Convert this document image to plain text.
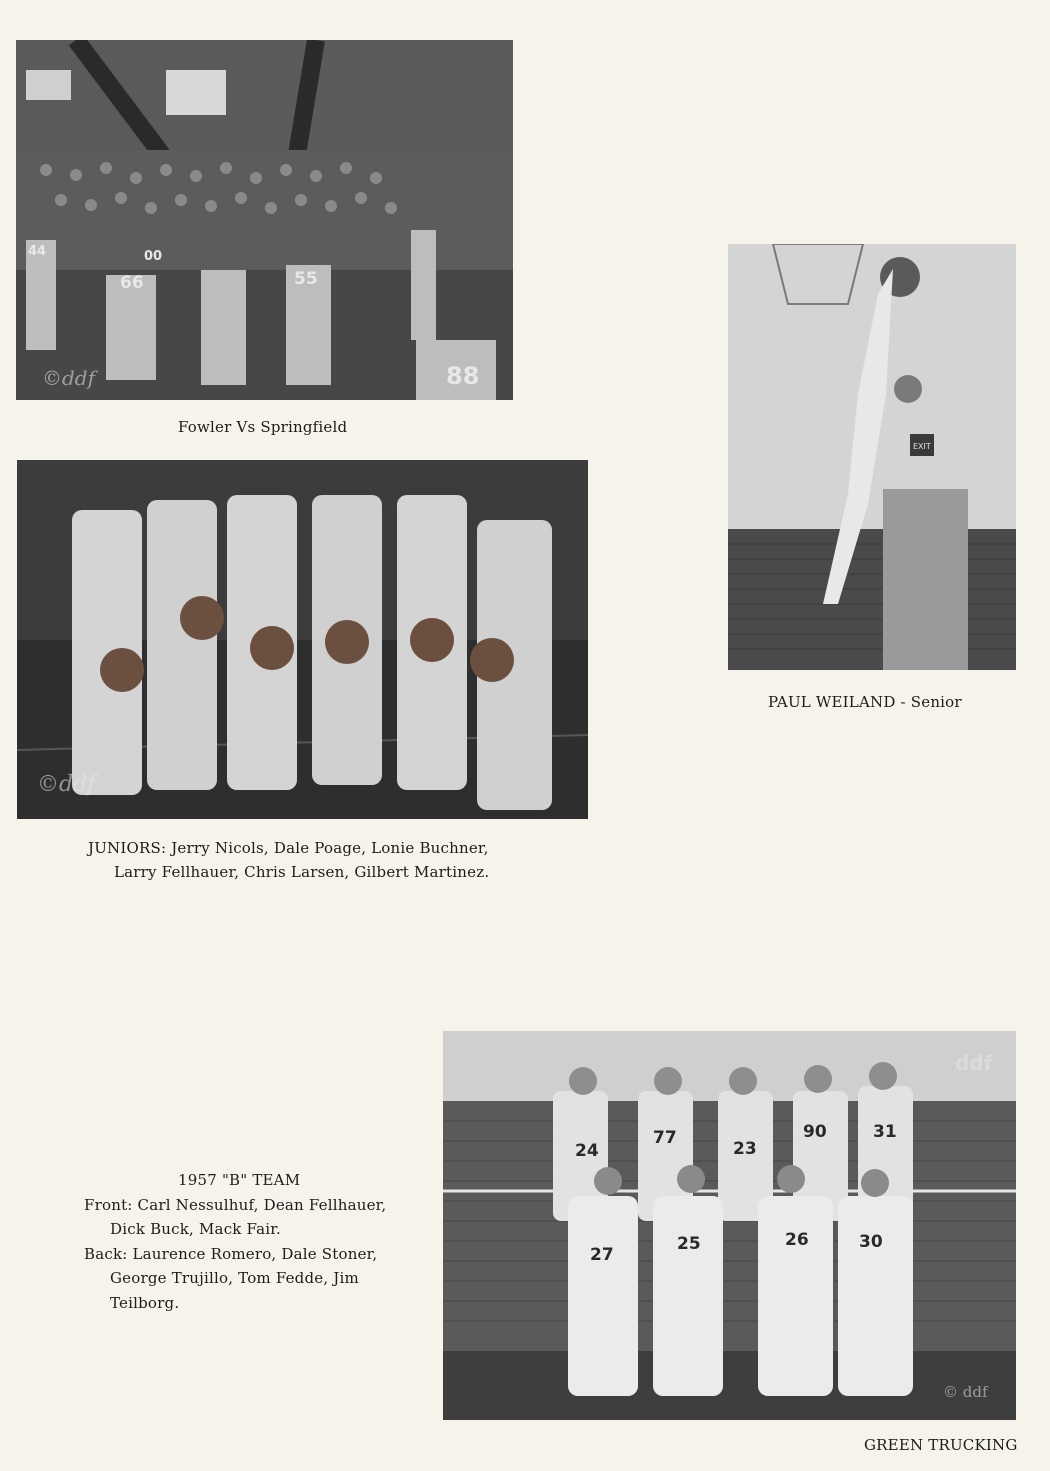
44	00
66	55
88
©ddf
Fowler Vs Springfield
©ddf
JUNIORS: Jerry Nicols, Dale Poage, Lonie Buchner,
Larry Fellhauer, Chris Larsen, Gilbert Martinez.
EXIT
PAUL WEILAND - Senior
1957 "B" TEAM
Front: Carl Nessulhuf, Dean Fellhauer,
Dick Buck, Mack Fair.
Back: Laurence Romero, Dale Stoner,
George Trujillo, Tom Fedde, Jim
Teilborg.
24
77
23
90	31
27
25	26	30
ddf
© ddf
GREEN TRUCKING
